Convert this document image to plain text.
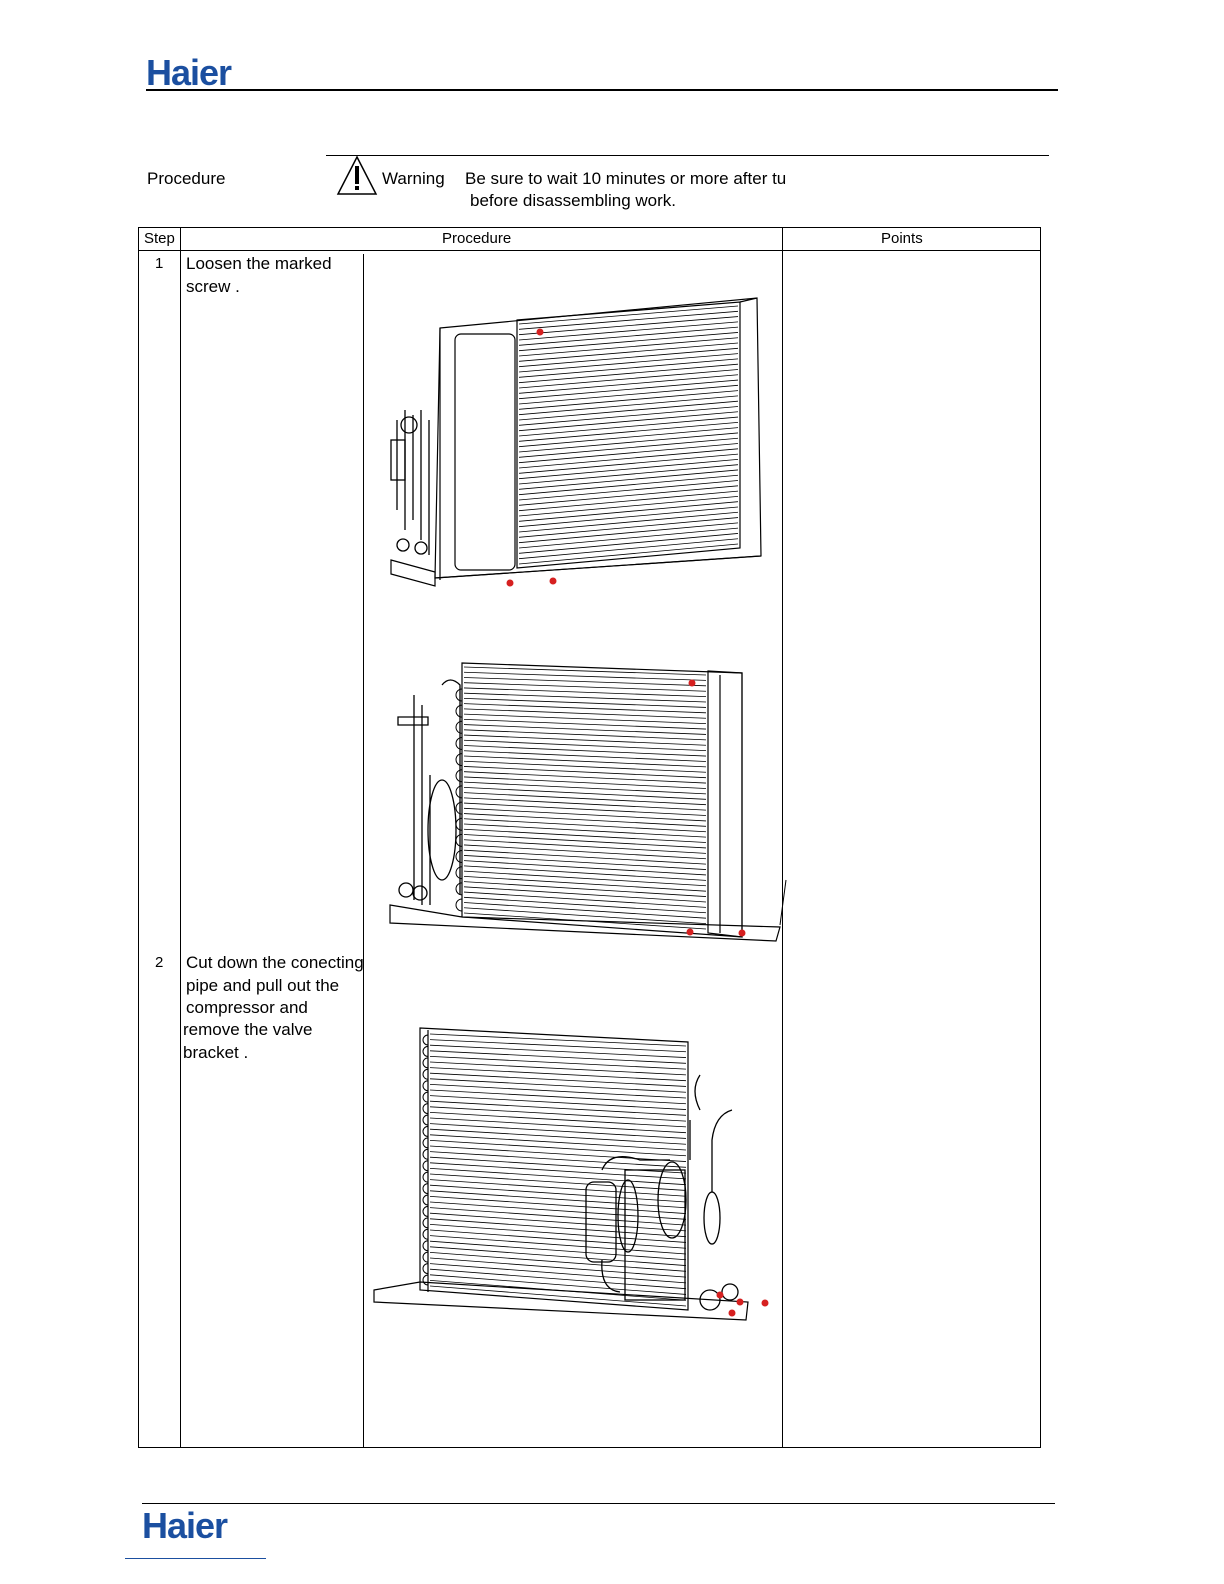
Haier
Procedure	Warning Be sure to wait 10 minutes or more after tu
before disassembling work.
Step	Procedure	Points
1 Loosen the marked
screw .
2 Cut down the conecting
pipe and pull out the
compressor and
remove the valve
bracket .
Haier
